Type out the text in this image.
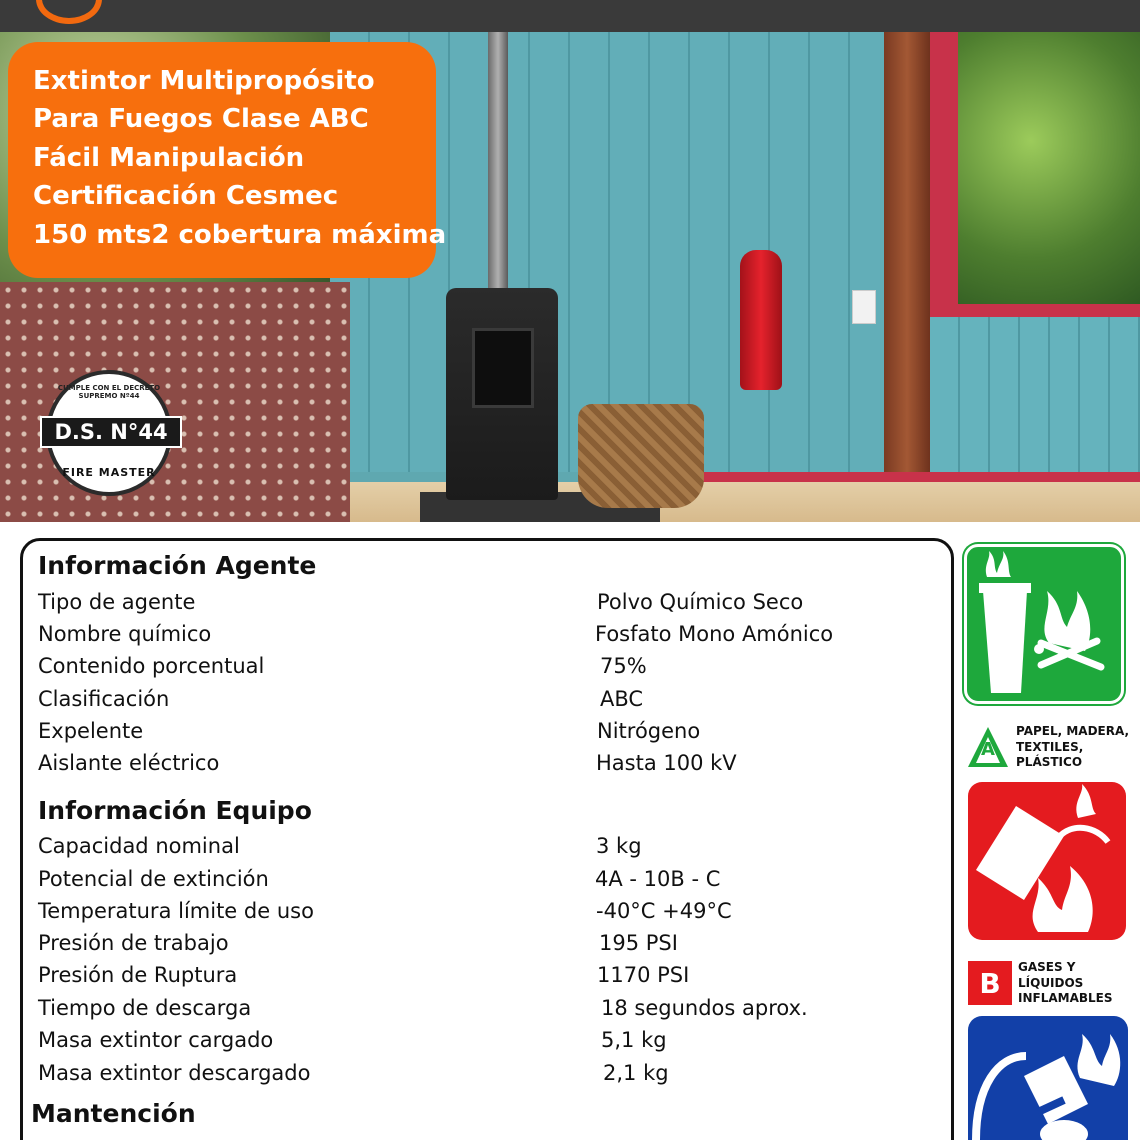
Extintor Multipropósito
Para Fuegos Clase ABC
Fácil Manipulación
Certificación Cesmec
150 mts2 cobertura máxima
CUMPLE CON EL DECRETO SUPREMO Nº44
D.S. N°44
FIRE MASTER
Información Agente
Tipo de agente	Polvo Químico Seco
Nombre químico	Fosfato Mono Amónico
Contenido porcentual	75%
Clasificación	ABC
Expelente	Nitrógeno
Aislante eléctrico	Hasta 100 kV
Información Equipo
Capacidad nominal	3 kg
Potencial de extinción	4A - 10B - C
Temperatura límite de uso	-40°C +49°C
Presión de trabajo	195 PSI
Presión de Ruptura	1170 PSI
Tiempo de descarga	18 segundos aprox.
Masa extintor cargado	5,1 kg
Masa extintor descargado	2,1 kg
Mantención
A
PAPEL, MADERA,
TEXTILES,
PLÁSTICO
B	GASES Y
LÍQUIDOS
INFLAMABLES
